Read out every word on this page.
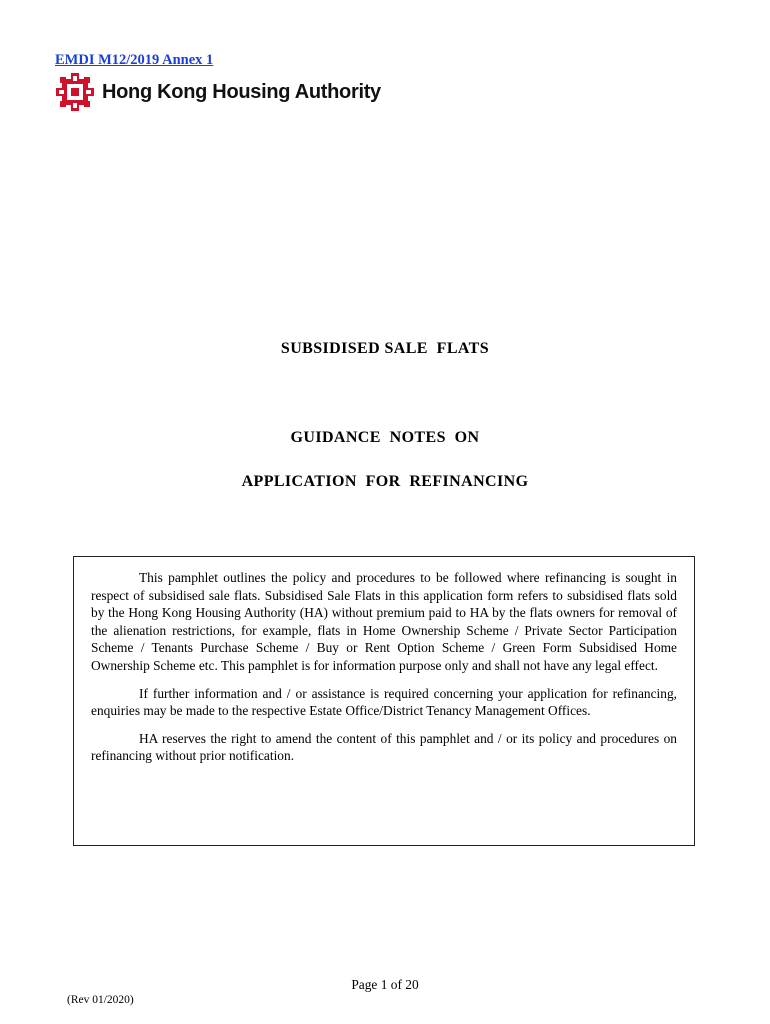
EMDI M12/2019 Annex 1
Hong Kong Housing Authority
SUBSIDISED SALE  FLATS
GUIDANCE  NOTES  ON
APPLICATION  FOR  REFINANCING

This pamphlet outlines the policy and procedures to be followed where refinancing is sought in respect of subsidised sale flats. Subsidised Sale Flats in this application form refers to subsidised flats sold by the Hong Kong Housing Authority (HA) without premium paid to HA by the flats owners for removal of the alienation restrictions, for example, flats in Home Ownership Scheme / Private Sector Participation Scheme / Tenants Purchase Scheme / Buy or Rent Option Scheme / Green Form Subsidised Home Ownership Scheme etc. This pamphlet is for information purpose only and shall not have any legal effect.

If further information and / or assistance is required concerning your application for refinancing, enquiries may be made to the respective Estate Office/District Tenancy Management Offices.

HA reserves the right to amend the content of this pamphlet and / or its policy and procedures on refinancing without prior notification.

Page 1 of 20
(Rev 01/2020)
